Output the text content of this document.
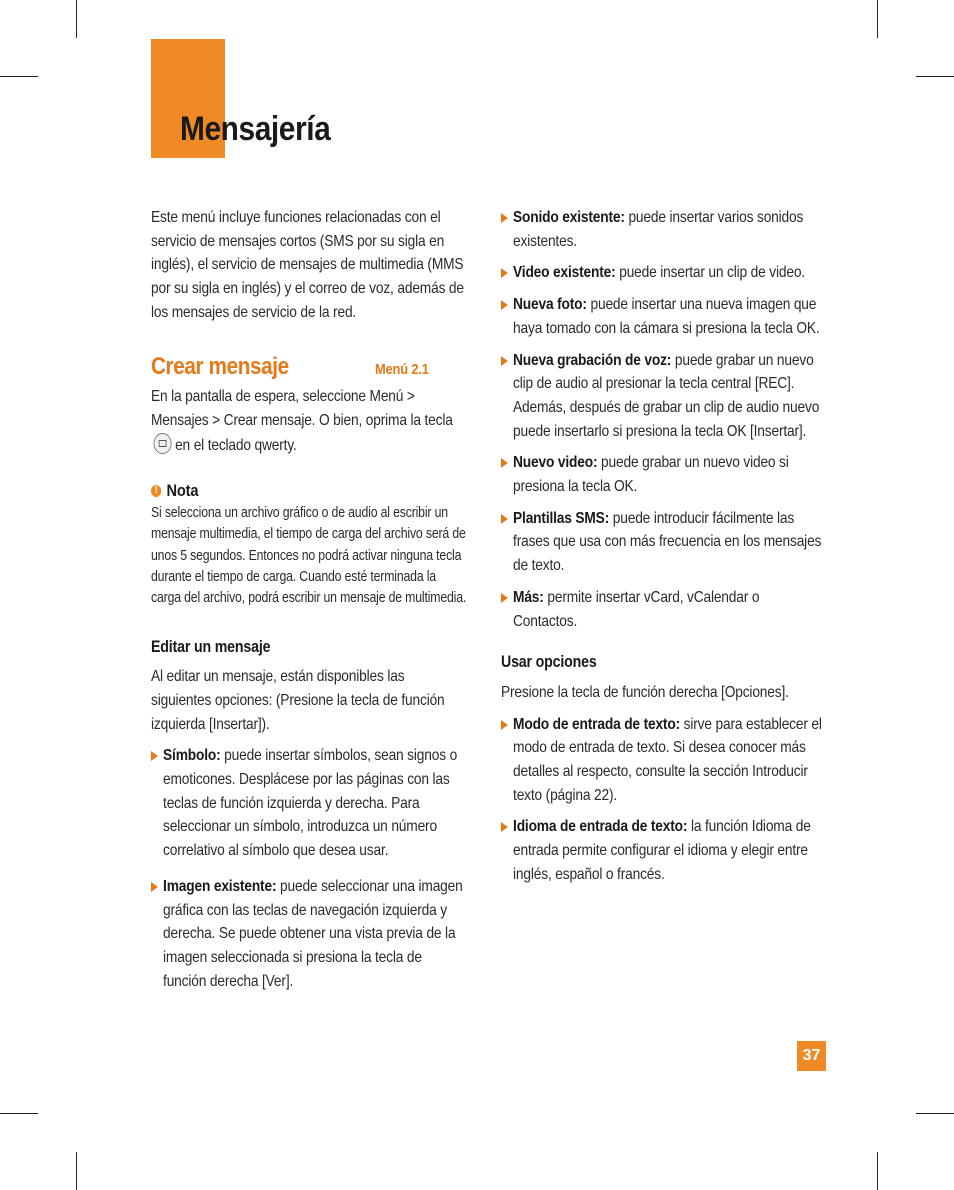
Mensajería

Este menú incluye funciones relacionadas con el servicio de mensajes cortos (SMS por su sigla en inglés), el servicio de mensajes de multimedia (MMS por su sigla en inglés) y el correo de voz, además de los mensajes de servicio de la red.

Crear mensaje	Menú 2.1

En la pantalla de espera, seleccione Menú > Mensajes > Crear mensaje. O bien, oprima la tecla
en el teclado qwerty.

! Nota

Si selecciona un archivo gráfico o de audio al escribir un mensaje multimedia, el tiempo de carga del archivo será de unos 5 segundos. Entonces no podrá activar ninguna tecla durante el tiempo de carga. Cuando esté terminada la carga del archivo, podrá escribir un mensaje de multimedia.

Editar un mensaje

Al editar un mensaje, están disponibles las siguientes opciones: (Presione la tecla de función izquierda [Insertar]).

Símbolo: puede insertar símbolos, sean signos o emoticones. Desplácese por las páginas con las teclas de función izquierda y derecha. Para seleccionar un símbolo, introduzca un número correlativo al símbolo que desea usar.
Imagen existente: puede seleccionar una imagen gráfica con las teclas de navegación izquierda y derecha. Se puede obtener una vista previa de la imagen seleccionada si presiona la tecla de función derecha [Ver].
Sonido existente: puede insertar varios sonidos existentes.
Video existente: puede insertar un clip de video.
Nueva foto: puede insertar una nueva imagen que haya tomado con la cámara si presiona la tecla OK.
Nueva grabación de voz: puede grabar un nuevo clip de audio al presionar la tecla central [REC]. Además, después de grabar un clip de audio nuevo puede insertarlo si presiona la tecla OK [Insertar].
Nuevo video: puede grabar un nuevo video si presiona la tecla OK.
Plantillas SMS: puede introducir fácilmente las frases que usa con más frecuencia en los mensajes de texto.
Más: permite insertar vCard, vCalendar o Contactos.
Usar opciones

Presione la tecla de función derecha [Opciones].

Modo de entrada de texto: sirve para establecer el modo de entrada de texto. Si desea conocer más detalles al respecto, consulte la sección Introducir texto (página 22).
Idioma de entrada de texto: la función Idioma de entrada permite configurar el idioma y elegir entre inglés, español o francés.
37
